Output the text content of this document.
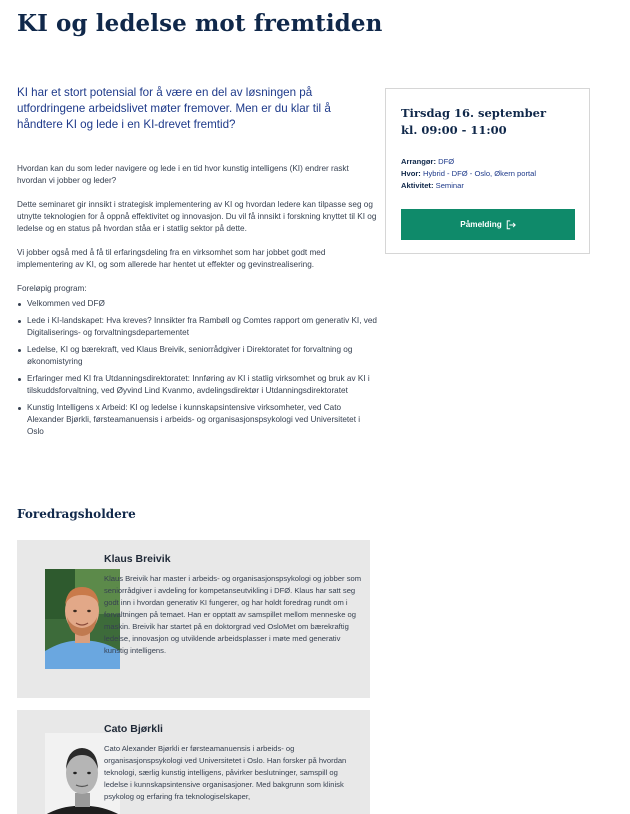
KI og ledelse mot fremtiden

KI har et stort potensial for å være en del av løsningen på utfordringene arbeidslivet møter fremover. Men er du klar til å håndtere KI og lede i en KI-drevet fremtid?

Hvordan kan du som leder navigere og lede i en tid hvor kunstig intelligens (KI) endrer raskt hvordan vi jobber og leder?

Dette seminaret gir innsikt i strategisk implementering av KI og hvordan ledere kan tilpasse seg og utnytte teknologien for å oppnå effektivitet og innovasjon. Du vil få innsikt i forskning knyttet til KI og ledelse og en status på hvordan ståa er i statlig sektor på dette.

Vi jobber også med å få til erfaringsdeling fra en virksomhet som har jobbet godt med implementering av KI, og som allerede har hentet ut effekter og gevinstrealisering.

Foreløpig program:

Velkommen ved DFØ
Lede i KI-landskapet: Hva kreves? Innsikter fra Rambøll og Comtes rapport om generativ KI, ved Digitaliserings- og forvaltningsdepartementet
Ledelse, KI og bærekraft, ved Klaus Breivik, seniorrådgiver i Direktoratet for forvaltning og økonomistyring
Erfaringer med KI fra Utdanningsdirektoratet: Innføring av KI i statlig virksomhet og bruk av KI i tilskuddsforvaltning, ved Øyvind Lind Kvanmo, avdelingsdirektør i Utdanningsdirektoratet
Kunstig Intelligens x Arbeid: KI og ledelse i kunnskapsintensive virksomheter, ved Cato Alexander Bjørkli, førsteamanuensis i arbeids- og organisasjonspsykologi ved Universitetet i Oslo
Foredragsholdere
Klaus Breivik
Klaus Breivik har master i arbeids- og organisasjonspsykologi og jobber som seniorrådgiver i avdeling for kompetanseutvikling i DFØ. Klaus har satt seg godt inn i hvordan generativ KI fungerer, og har holdt foredrag rundt om i forvaltningen på temaet. Han er opptatt av samspillet mellom menneske og maskin. Breivik har startet på en doktorgrad ved OsloMet om bærekraftig ledelse, innovasjon og utviklende arbeidsplasser i møte med generativ kunstig intelligens.
Cato Bjørkli
Cato Alexander Bjørkli er førsteamanuensis i arbeids- og organisasjonspsykologi ved Universitetet i Oslo. Han forsker på hvordan teknologi, særlig kunstig intelligens, påvirker beslutninger, samspill og ledelse i kunnskapsintensive organisasjoner. Med bakgrunn som klinisk psykolog og erfaring fra teknologiselskaper,
Tirsdag 16. september
kl. 09:00 - 11:00
Arrangør: DFØ
Hvor: Hybrid - DFØ - Oslo, Økern portal
Aktivitet: Seminar
Påmelding
